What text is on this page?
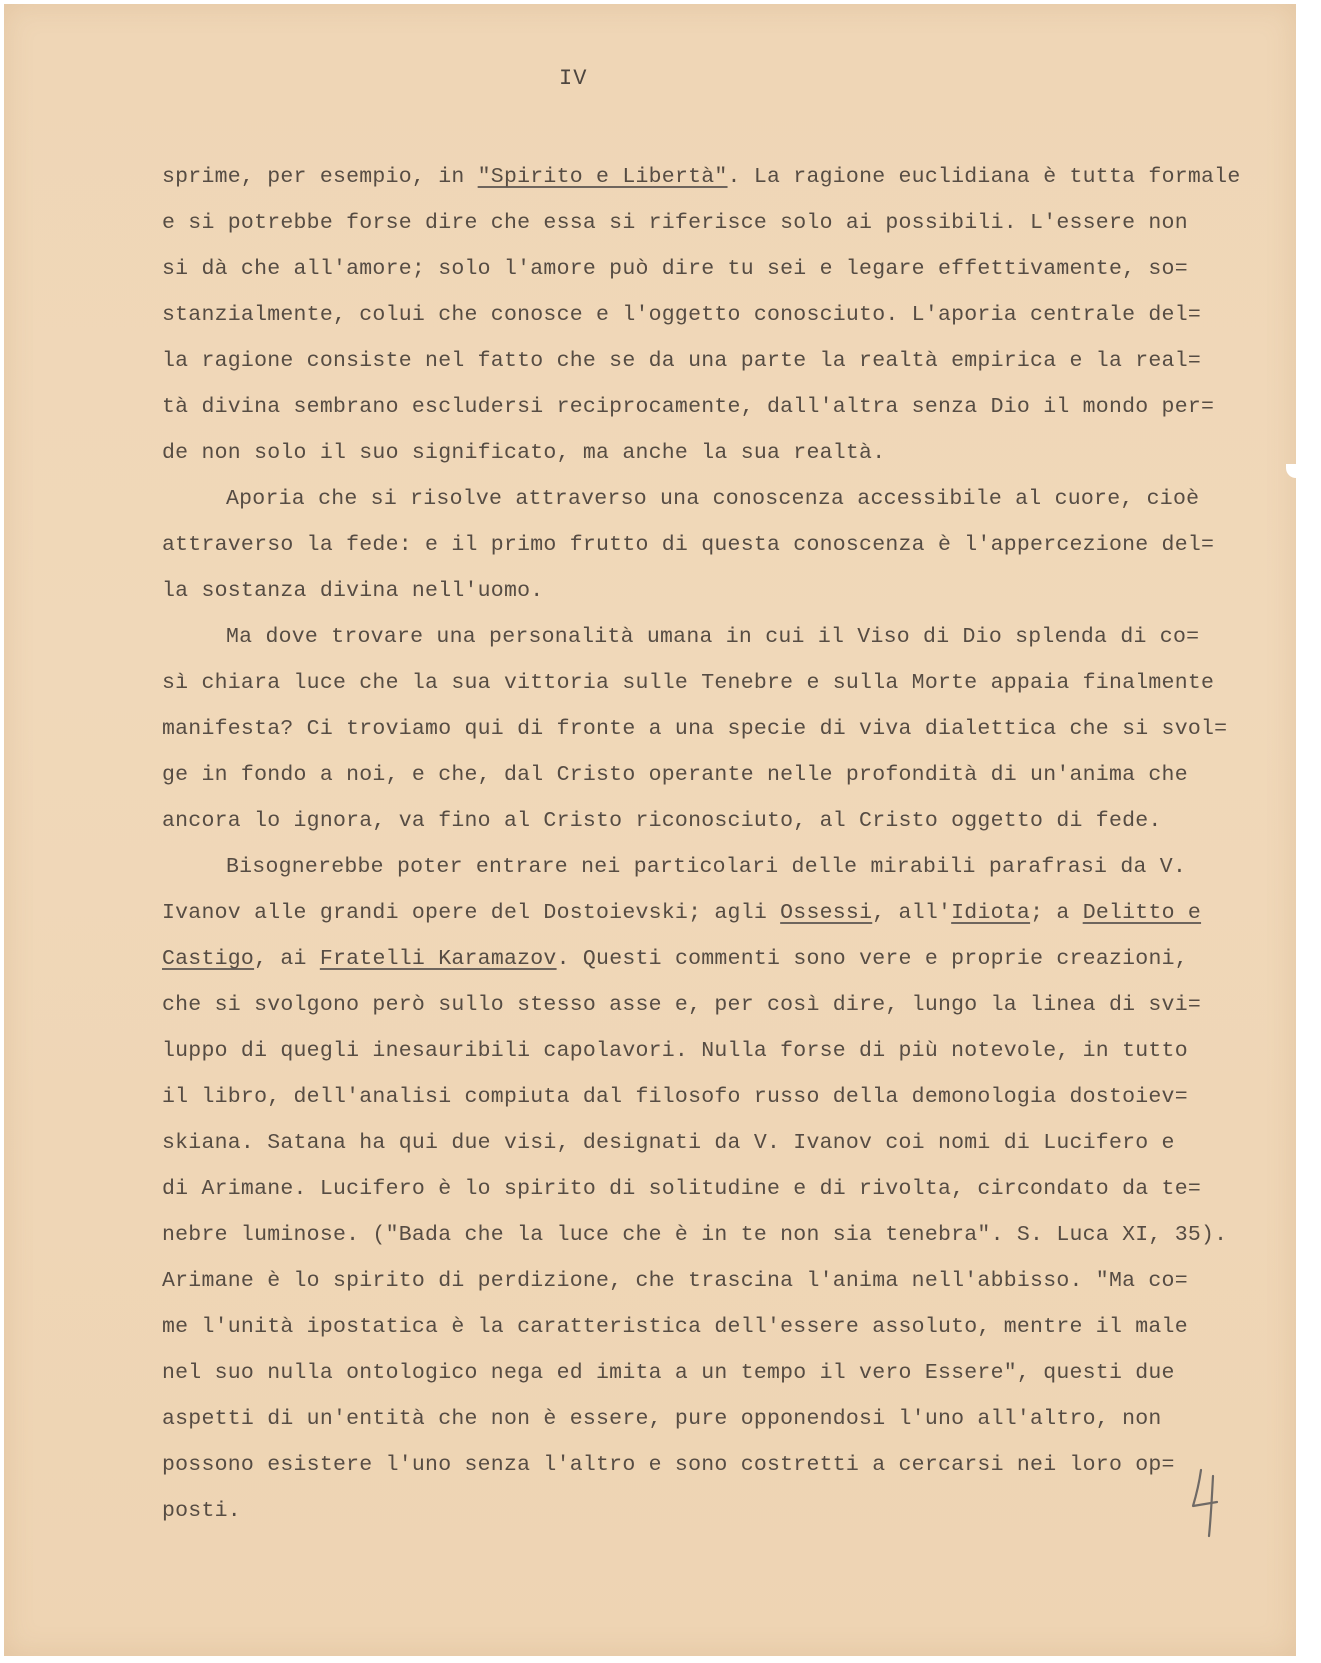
IV
sprime, per esempio, in "Spirito e Libertà". La ragione euclidiana è tutta formale
e si potrebbe forse dire che essa si riferisce solo ai possibili. L'essere non
si dà che all'amore; solo l'amore può dire tu sei e legare effettivamente, so=
stanzialmente, colui che conosce e l'oggetto conosciuto. L'aporia centrale del=
la ragione consiste nel fatto che se da una parte la realtà empirica e la real=
tà divina sembrano escludersi reciprocamente, dall'altra senza Dio il mondo per=
de non solo il suo significato, ma anche la sua realtà.
Aporia che si risolve attraverso una conoscenza accessibile al cuore, cioè
attraverso la fede: e il primo frutto di questa conoscenza è l'appercezione del=
la sostanza divina nell'uomo.
Ma dove trovare una personalità umana in cui il Viso di Dio splenda di co=
sì chiara luce che la sua vittoria sulle Tenebre e sulla Morte appaia finalmente
manifesta? Ci troviamo qui di fronte a una specie di viva dialettica che si svol=
ge in fondo a noi, e che, dal Cristo operante nelle profondità di un'anima che
ancora lo ignora, va fino al Cristo riconosciuto, al Cristo oggetto di fede.
Bisognerebbe poter entrare nei particolari delle mirabili parafrasi da V.
Ivanov alle grandi opere del Dostoievski; agli Ossessi, all'Idiota; a Delitto e
Castigo, ai Fratelli Karamazov. Questi commenti sono vere e proprie creazioni,
che si svolgono però sullo stesso asse e, per così dire, lungo la linea di svi=
luppo di quegli inesauribili capolavori. Nulla forse di più notevole, in tutto
il libro, dell'analisi compiuta dal filosofo russo della demonologia dostoiev=
skiana. Satana ha qui due visi, designati da V. Ivanov coi nomi di Lucifero e
di Arimane. Lucifero è lo spirito di solitudine e di rivolta, circondato da te=
nebre luminose. ("Bada che la luce che è in te non sia tenebra". S. Luca XI, 35).
Arimane è lo spirito di perdizione, che trascina l'anima nell'abbisso. "Ma co=
me l'unità ipostatica è la caratteristica dell'essere assoluto, mentre il male
nel suo nulla ontologico nega ed imita a un tempo il vero Essere", questi due
aspetti di un'entità che non è essere, pure opponendosi l'uno all'altro, non
possono esistere l'uno senza l'altro e sono costretti a cercarsi nei loro op=
posti.
